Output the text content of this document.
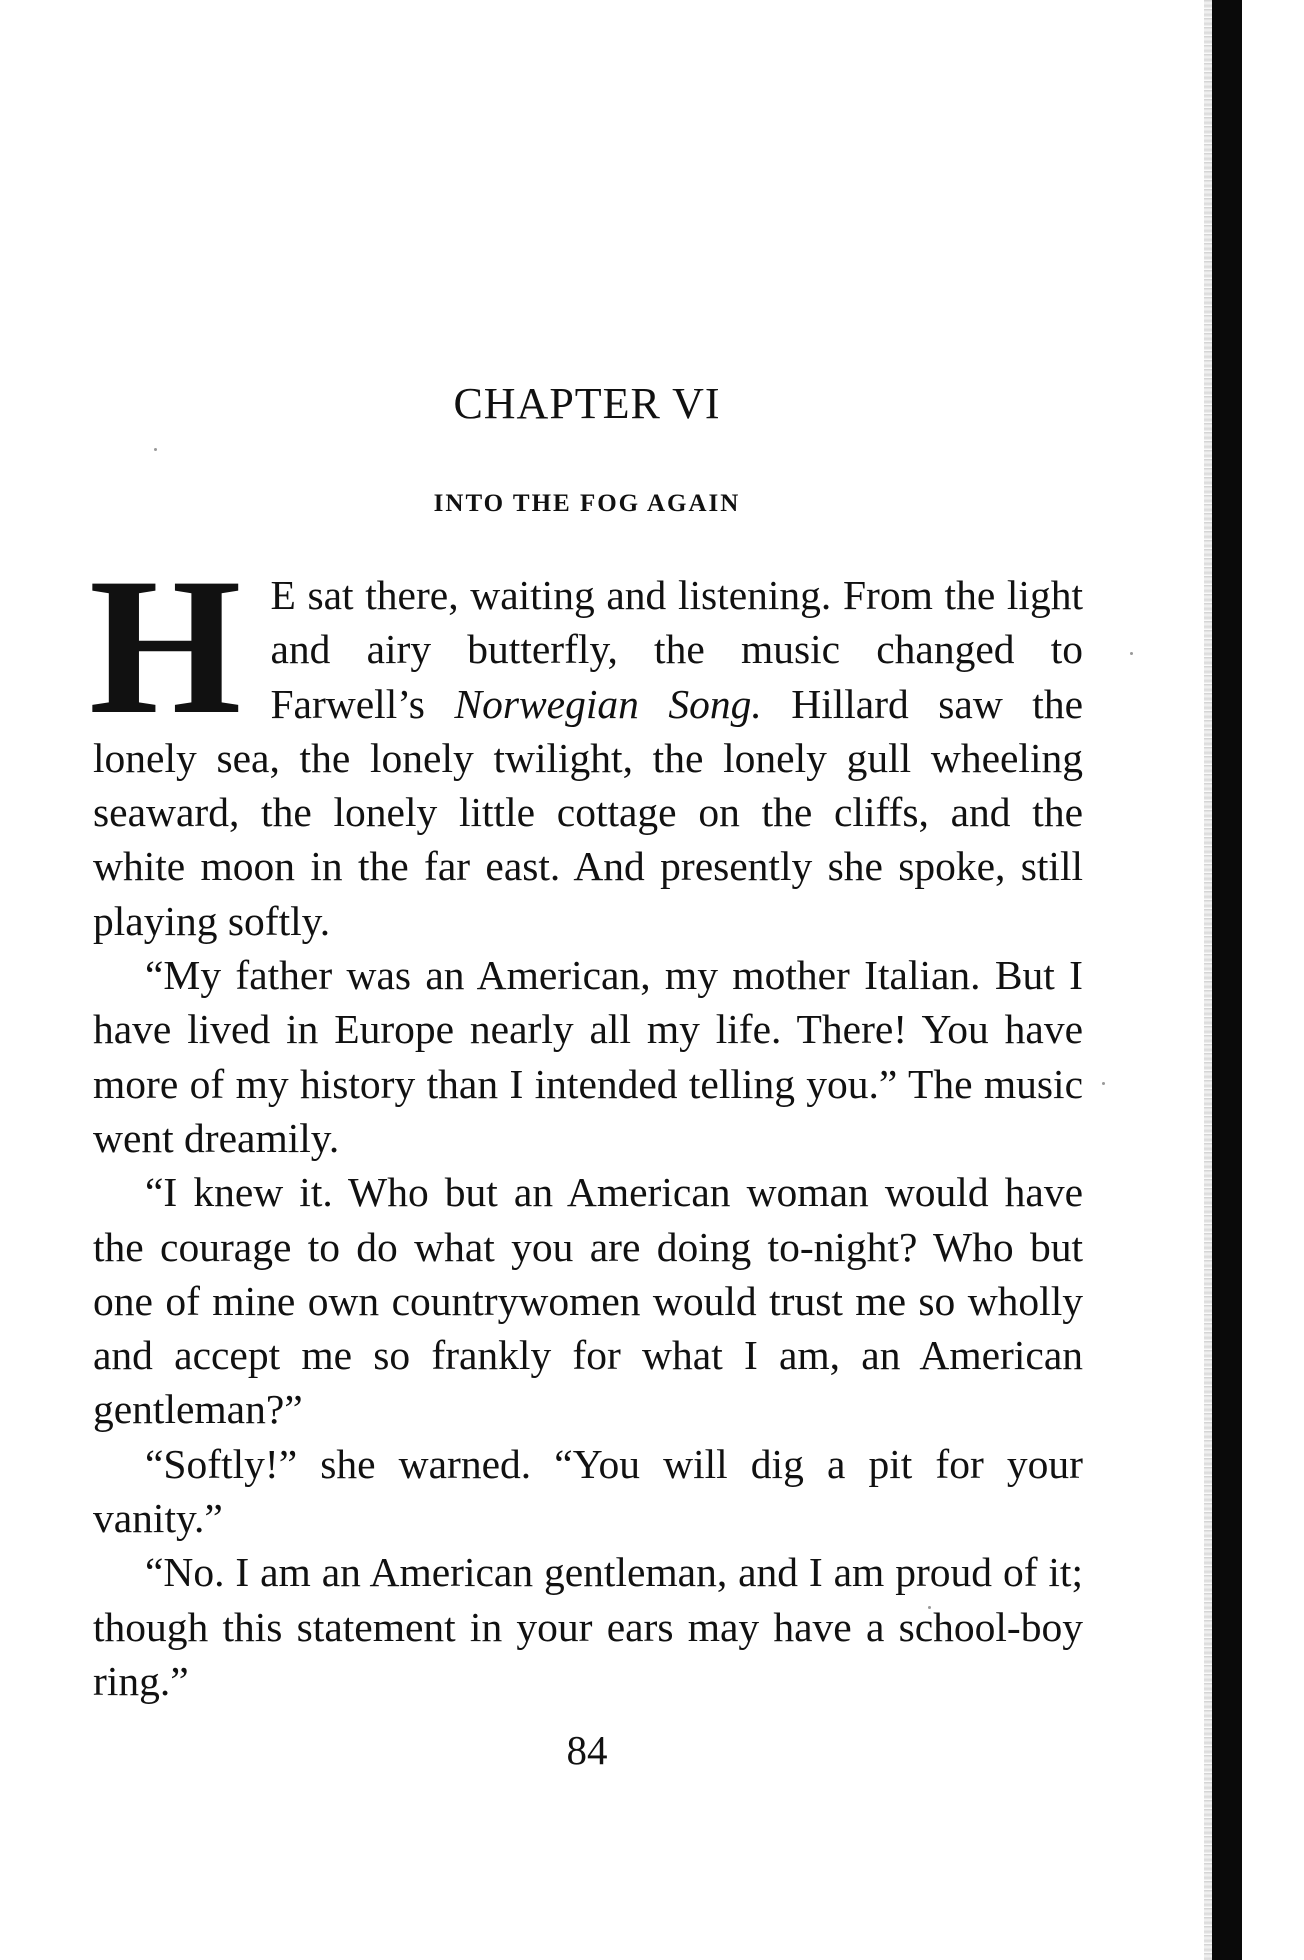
CHAPTER VI
INTO THE FOG AGAIN

H E sat there, waiting and listening. From the light and airy butterfly, the music changed to Farwell’s Norwegian Song. Hillard saw the lonely sea, the lonely twilight, the lonely gull wheeling seaward, the lonely little cottage on the cliffs, and the white moon in the far east. And presently she spoke, still playing softly.

“My father was an American, my mother Italian. But I have lived in Europe nearly all my life. There! You have more of my history than I intended telling you.” The music went dreamily.

“I knew it. Who but an American woman would have the courage to do what you are doing to-night? Who but one of mine own countrywomen would trust me so wholly and accept me so frankly for what I am, an American gentleman?”

“Softly!” she warned. “You will dig a pit for your vanity.”

“No. I am an American gentleman, and I am proud of it; though this statement in your ears may have a school-boy ring.”

84
